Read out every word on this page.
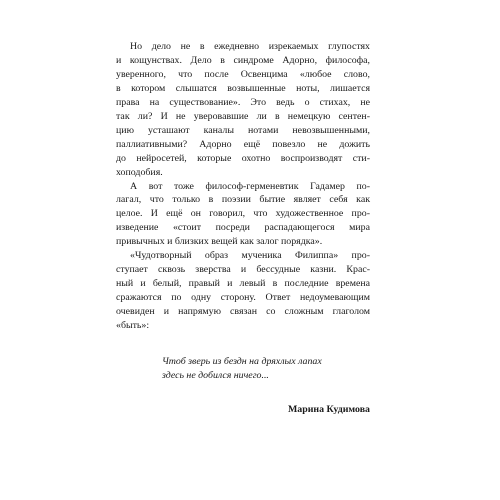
Но дело не в ежедневно изрекаемых глупостях
и кощунствах. Дело в синдроме Адорно, философа,
уверенного, что после Освенцима «любое слово,
в котором слышатся возвышенные ноты, лишается
права на существование». Это ведь о стихах, не
так ли? И не уверовавшие ли в немецкую сентен-
цию усташают каналы нотами невозвышенными,
паллиативными? Адорно ещё повезло не дожить
до нейросетей, которые охотно воспроизводят сти-
хоподобия.

А вот тоже философ-герменевтик Гадамер по-
лагал, что только в поэзии бытие являет себя как
целое. И ещё он говорил, что художественное про-
изведение «стоит посреди распадающегося мира
привычных и близких вещей как залог порядка».

«Чудотворный образ мученика Филиппа» про-
ступает сквозь зверства и бессудные казни. Крас-
ный и белый, правый и левый в последние времена
сражаются по одну сторону. Ответ недоумевающим
очевиден и напрямую связан со сложным глаголом
«быть»:

Чтоб зверь из бездн на дряхлых лапах
здесь не добился ничего...
Марина Кудимова
